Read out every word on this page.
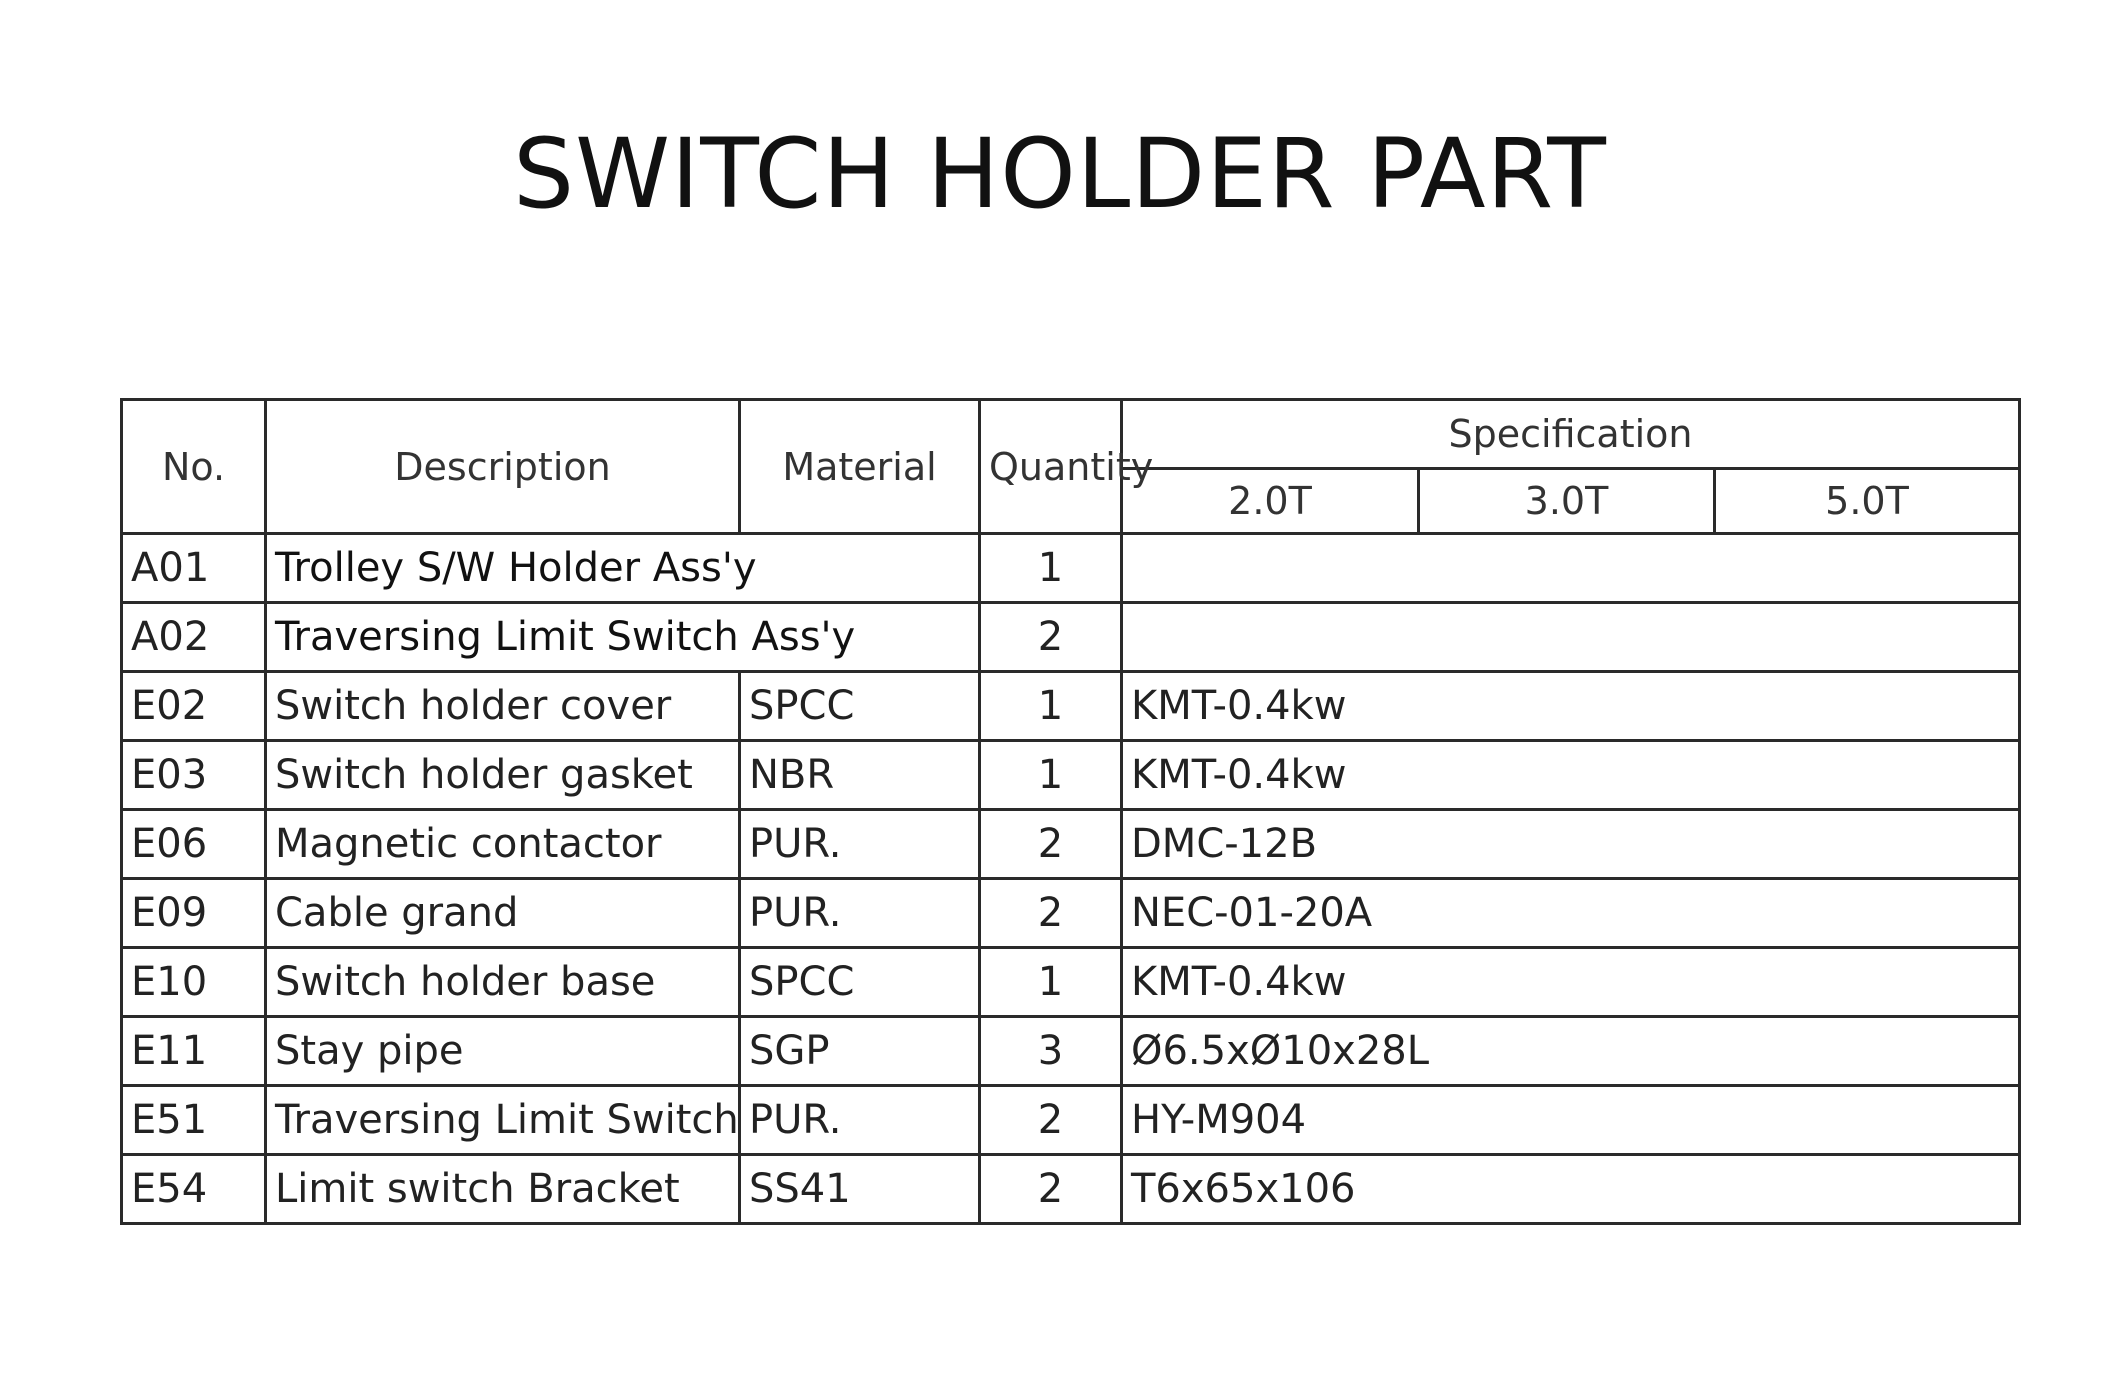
SWITCH HOLDER PART
No.	Description	Material	Quantity	Specification		
				2.0T	3.0T	5.0T
A01	Trolley S/W Holder Ass'y		1			
A02	Traversing Limit Switch Ass'y		2			
E02	Switch holder cover	SPCC	1	KMT-0.4kw		
E03	Switch holder gasket	NBR	1	KMT-0.4kw		
E06	Magnetic contactor	PUR.	2	DMC-12B		
E09	Cable grand	PUR.	2	NEC-01-20A		
E10	Switch holder base	SPCC	1	KMT-0.4kw		
E11	Stay pipe	SGP	3	Ø6.5xØ10x28L		
E51	Traversing Limit Switch	PUR.	2	HY-M904		
E54	Limit switch Bracket	SS41	2	T6x65x106		
